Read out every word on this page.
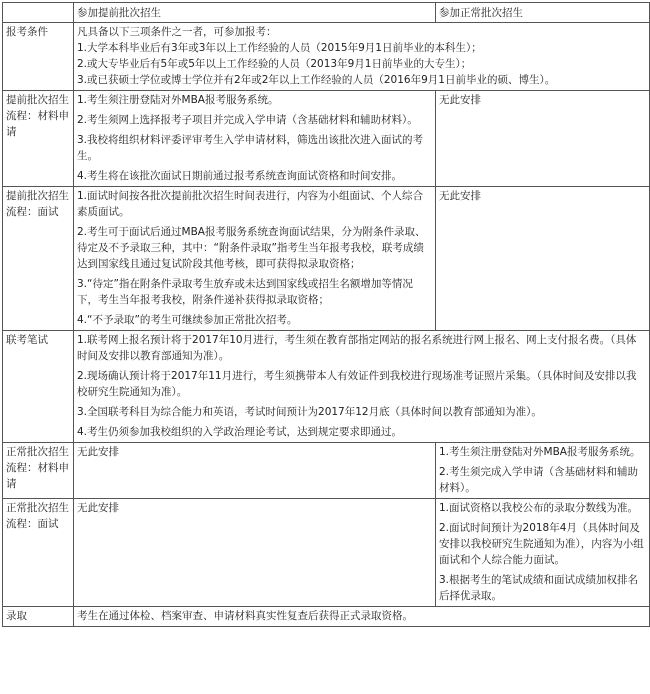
	参加提前批次招生	参加正常批次招生
报考条件	凡具备以下三项条件之一者，可参加报考：
1.大学本科毕业后有3年或3年以上工作经验的人员（2015年9月1日前毕业的本科生）；
2.或大专毕业后有5年或5年以上工作经验的人员（2013年9月1日前毕业的大专生）；
3.或已获硕士学位或博士学位并有2年或2年以上工作经验的人员（2016年9月1日前毕业的硕、博生）。	

提前批次招生流程：材料申请	1.考生须注册登陆对外MBA报考服务系统。

2.考生须网上选择报考子项目并完成入学申请（含基础材料和辅助材料）。

3.我校将组织材料评委评审考生入学申请材料，筛选出该批次进入面试的考生。

4.考生将在该批次面试日期前通过报考系统查询面试资格和时间安排。	无此安排

提前批次招生流程：面试	1.面试时间按各批次提前批次招生时间表进行，内容为小组面试、个人综合素质面试。

2.考生可于面试后通过MBA报考服务系统查询面试结果，分为附条件录取、待定及不予录取三种，其中：“附条件录取”指考生当年报考我校，联考成绩达到国家线且通过复试阶段其他考核，即可获得拟录取资格；

3.“待定”指在附条件录取考生放弃或未达到国家线或招生名额增加等情况下，考生当年报考我校，附条件递补获得拟录取资格；

4.“不予录取”的考生可继续参加正常批次招考。	无此安排

联考笔试	1.联考网上报名预计将于2017年10月进行，考生须在教育部指定网站的报名系统进行网上报名、网上支付报名费。（具体时间及安排以教育部通知为准）。

2.现场确认预计将于2017年11月进行，考生须携带本人有效证件到我校进行现场准考证照片采集。（具体时间及安排以我校研究生院通知为准）。

3.全国联考科目为综合能力和英语，考试时间预计为2017年12月底（具体时间以教育部通知为准）。

4.考生仍须参加我校组织的入学政治理论考试，达到规定要求即通过。	

正常批次招生流程：材料申请	无此安排	1.考生须注册登陆对外MBA报考服务系统。

2.考生须完成入学申请（含基础材料和辅助材料）。

正常批次招生流程：面试	无此安排	1.面试资格以我校公布的录取分数线为准。

2.面试时间预计为2018年4月（具体时间及安排以我校研究生院通知为准），内容为小组面试和个人综合能力面试。

3.根据考生的笔试成绩和面试成绩加权排名后择优录取。

录取	考生在通过体检、档案审查、申请材料真实性复查后获得正式录取资格。	
